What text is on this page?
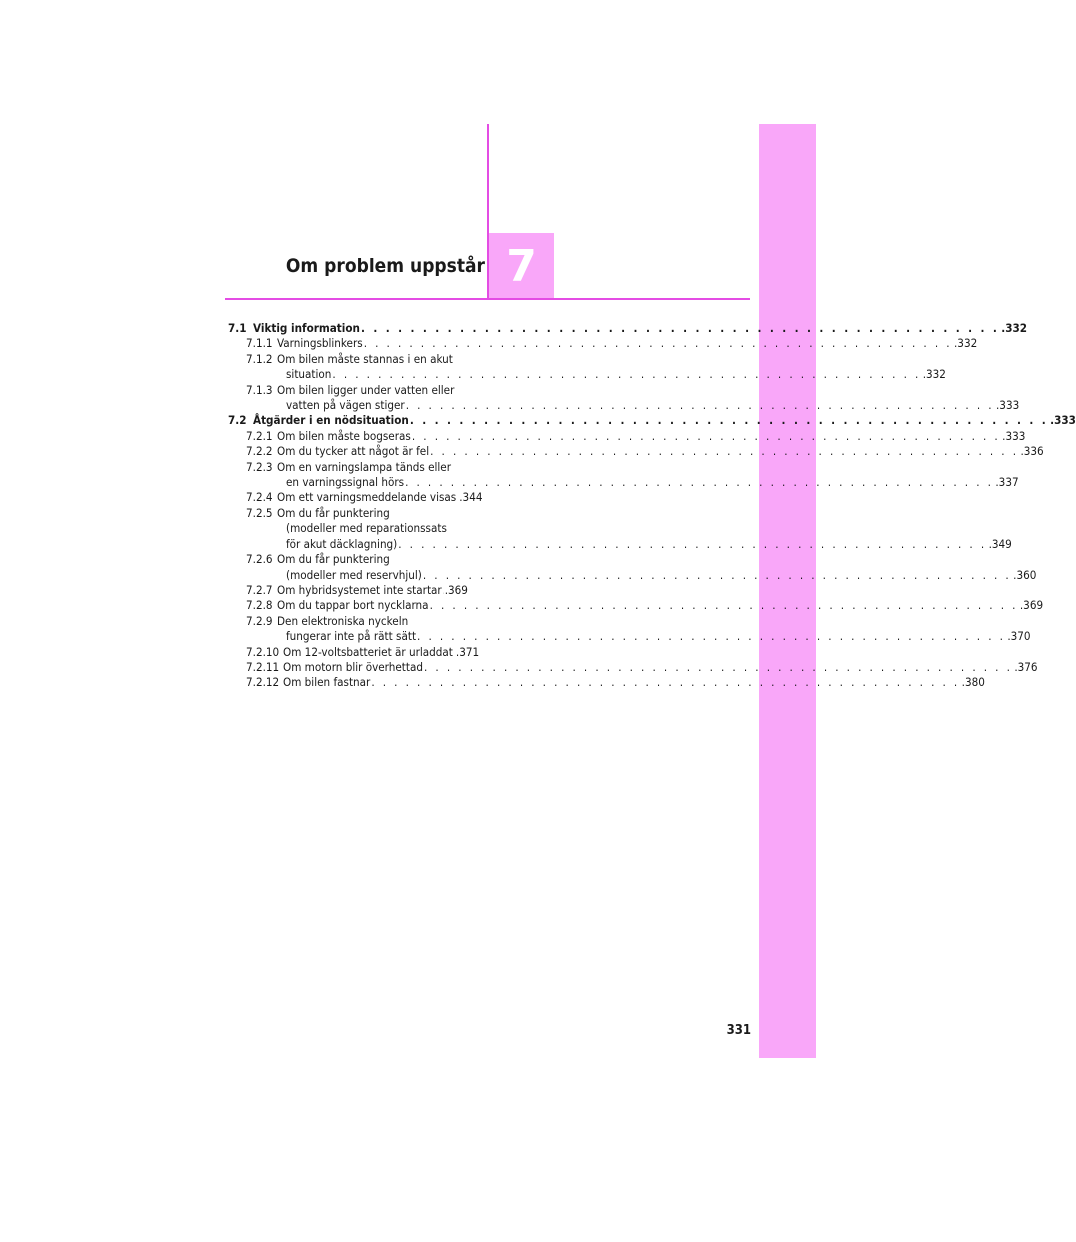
7
Om problem uppstår
7.1 Viktig information . . . . . . . . . . . . . . . . . . . . . . . . . . . . . . . . . . . . . . . . . . . . . . . . . . . . .332
7.1.1 Varningsblinkers . . . . . . . . . . . . . . . . . . . . . . . . . . . . . . . . . . . . . . . . . . . . . . . . . . . . .332
7.1.2 Om bilen måste stannas i en akut
situation . . . . . . . . . . . . . . . . . . . . . . . . . . . . . . . . . . . . . . . . . . . . . . . . . . . . .332
7.1.3 Om bilen ligger under vatten eller
vatten på vägen stiger . . . . . . . . . . . . . . . . . . . . . . . . . . . . . . . . . . . . . . . . . . . . . . . . . . . . .333
7.2 Åtgärder i en nödsituation . . . . . . . . . . . . . . . . . . . . . . . . . . . . . . . . . . . . . . . . . . . . . . . . . . . . .333
7.2.1 Om bilen måste bogseras . . . . . . . . . . . . . . . . . . . . . . . . . . . . . . . . . . . . . . . . . . . . . . . . . . . . .333
7.2.2 Om du tycker att något är fel . . . . . . . . . . . . . . . . . . . . . . . . . . . . . . . . . . . . . . . . . . . . . . . . . . . . .336
7.2.3 Om en varningslampa tänds eller
en varningssignal hörs . . . . . . . . . . . . . . . . . . . . . . . . . . . . . . . . . . . . . . . . . . . . . . . . . . . . .337
7.2.4 Om ett varningsmeddelande visas .344
7.2.5 Om du får punktering
(modeller med reparationssats
för akut däcklagning) . . . . . . . . . . . . . . . . . . . . . . . . . . . . . . . . . . . . . . . . . . . . . . . . . . . . .349
7.2.6 Om du får punktering
(modeller med reservhjul) . . . . . . . . . . . . . . . . . . . . . . . . . . . . . . . . . . . . . . . . . . . . . . . . . . . . .360
7.2.7 Om hybridsystemet inte startar .369
7.2.8 Om du tappar bort nycklarna . . . . . . . . . . . . . . . . . . . . . . . . . . . . . . . . . . . . . . . . . . . . . . . . . . . . .369
7.2.9 Den elektroniska nyckeln
fungerar inte på rätt sätt . . . . . . . . . . . . . . . . . . . . . . . . . . . . . . . . . . . . . . . . . . . . . . . . . . . . .370
7.2.10 Om 12-voltsbatteriet är urladdat .371
7.2.11 Om motorn blir överhettad . . . . . . . . . . . . . . . . . . . . . . . . . . . . . . . . . . . . . . . . . . . . . . . . . . . . .376
7.2.12 Om bilen fastnar . . . . . . . . . . . . . . . . . . . . . . . . . . . . . . . . . . . . . . . . . . . . . . . . . . . . .380
331
